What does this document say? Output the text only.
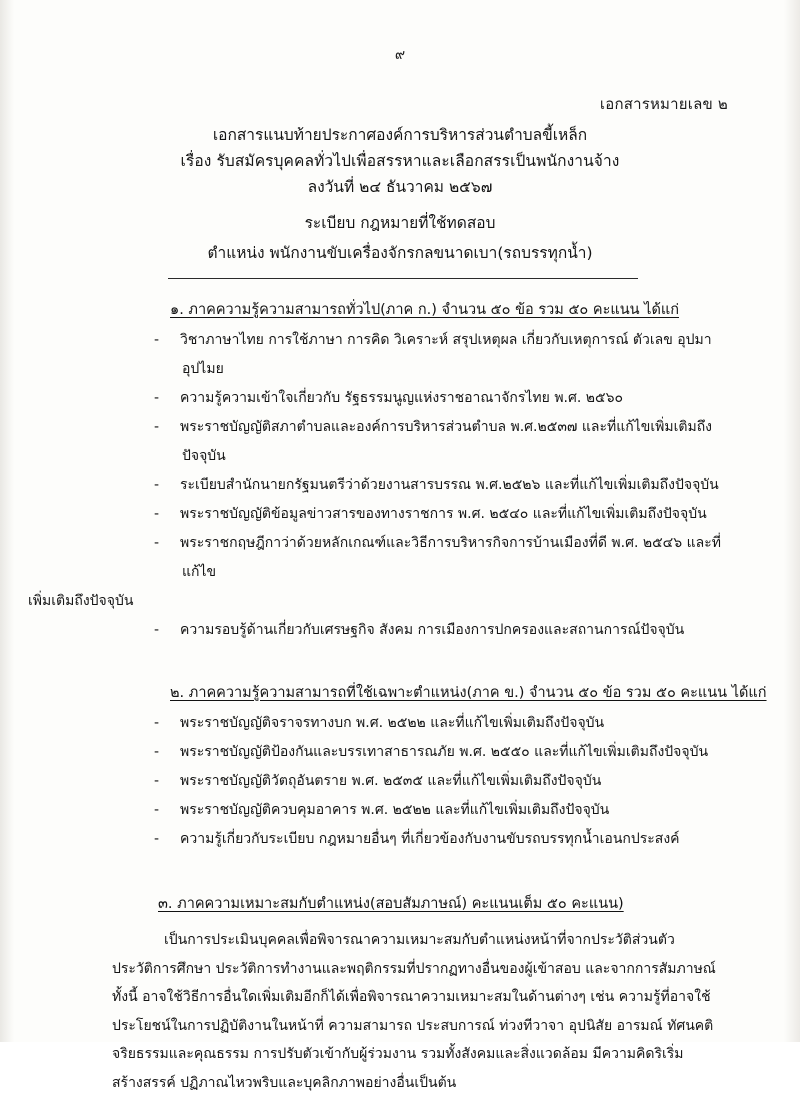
๙
เอกสารหมายเลข ๒
เอกสารแนบท้ายประกาศองค์การบริหารส่วนตำบลขี้เหล็ก
เรื่อง รับสมัครบุคคลทั่วไปเพื่อสรรหาและเลือกสรรเป็นพนักงานจ้าง
ลงวันที่ ๒๔ ธันวาคม ๒๕๖๗
ระเบียบ กฎหมายที่ใช้ทดสอบ
ตำแหน่ง พนักงานขับเครื่องจักรกลขนาดเบา(รถบรรทุกน้ำ)
๑. ภาคความรู้ความสามารถทั่วไป(ภาค ก.) จำนวน ๕๐ ข้อ รวม ๕๐ คะแนน ได้แก่
- วิชาภาษาไทย การใช้ภาษา การคิด วิเคราะห์ สรุปเหตุผล เกี่ยวกับเหตุการณ์ ตัวเลข อุปมาอุปไมย
- ความรู้ความเข้าใจเกี่ยวกับ รัฐธรรมนูญแห่งราชอาณาจักรไทย พ.ศ. ๒๕๖๐
- พระราชบัญญัติสภาตำบลและองค์การบริหารส่วนตำบล พ.ศ.๒๕๓๗ และที่แก้ไขเพิ่มเติมถึงปัจจุบัน
- ระเบียบสำนักนายกรัฐมนตรีว่าด้วยงานสารบรรณ พ.ศ.๒๕๒๖ และที่แก้ไขเพิ่มเติมถึงปัจจุบัน
- พระราชบัญญัติข้อมูลข่าวสารของทางราชการ พ.ศ. ๒๕๔๐ และที่แก้ไขเพิ่มเติมถึงปัจจุบัน
- พระราชกฤษฎีกาว่าด้วยหลักเกณฑ์และวิธีการบริหารกิจการบ้านเมืองที่ดี พ.ศ. ๒๕๔๖ และที่แก้ไข
เพิ่มเติมถึงปัจจุบัน
- ความรอบรู้ด้านเกี่ยวกับเศรษฐกิจ สังคม การเมืองการปกครองและสถานการณ์ปัจจุบัน
๒. ภาคความรู้ความสามารถที่ใช้เฉพาะตำแหน่ง(ภาค ข.) จำนวน ๕๐ ข้อ รวม ๕๐ คะแนน ได้แก่
- พระราชบัญญัติจราจรทางบก พ.ศ. ๒๕๒๒ และที่แก้ไขเพิ่มเติมถึงปัจจุบัน
- พระราชบัญญัติป้องกันและบรรเทาสาธารณภัย พ.ศ. ๒๕๕๐ และที่แก้ไขเพิ่มเติมถึงปัจจุบัน
- พระราชบัญญัติวัตถุอันตราย พ.ศ. ๒๕๓๕ และที่แก้ไขเพิ่มเติมถึงปัจจุบัน
- พระราชบัญญัติควบคุมอาคาร พ.ศ. ๒๕๒๒ และที่แก้ไขเพิ่มเติมถึงปัจจุบัน
- ความรู้เกี่ยวกับระเบียบ กฎหมายอื่นๆ ที่เกี่ยวข้องกับงานขับรถบรรทุกน้ำเอนกประสงค์
๓. ภาคความเหมาะสมกับตำแหน่ง(สอบสัมภาษณ์) คะแนนเต็ม ๕๐ คะแนน)
เป็นการประเมินบุคคลเพื่อพิจารณาความเหมาะสมกับตำแหน่งหน้าที่จากประวัติส่วนตัว ประวัติการศึกษา ประวัติการทำงานและพฤติกรรมที่ปรากฏทางอื่นของผู้เข้าสอบ และจากการสัมภาษณ์ ทั้งนี้ อาจใช้วิธีการอื่นใดเพิ่มเติมอีกก็ได้เพื่อพิจารณาความเหมาะสมในด้านต่างๆ เช่น ความรู้ที่อาจใช้ประโยชน์ในการปฏิบัติงานในหน้าที่ ความสามารถ ประสบการณ์ ท่วงทีวาจา อุปนิสัย อารมณ์ ทัศนคติ จริยธรรมและคุณธรรม การปรับตัวเข้ากับผู้ร่วมงาน รวมทั้งสังคมและสิ่งแวดล้อม มีความคิดริเริ่มสร้างสรรค์ ปฏิภาณไหวพริบและบุคลิกภาพอย่างอื่นเป็นต้น
